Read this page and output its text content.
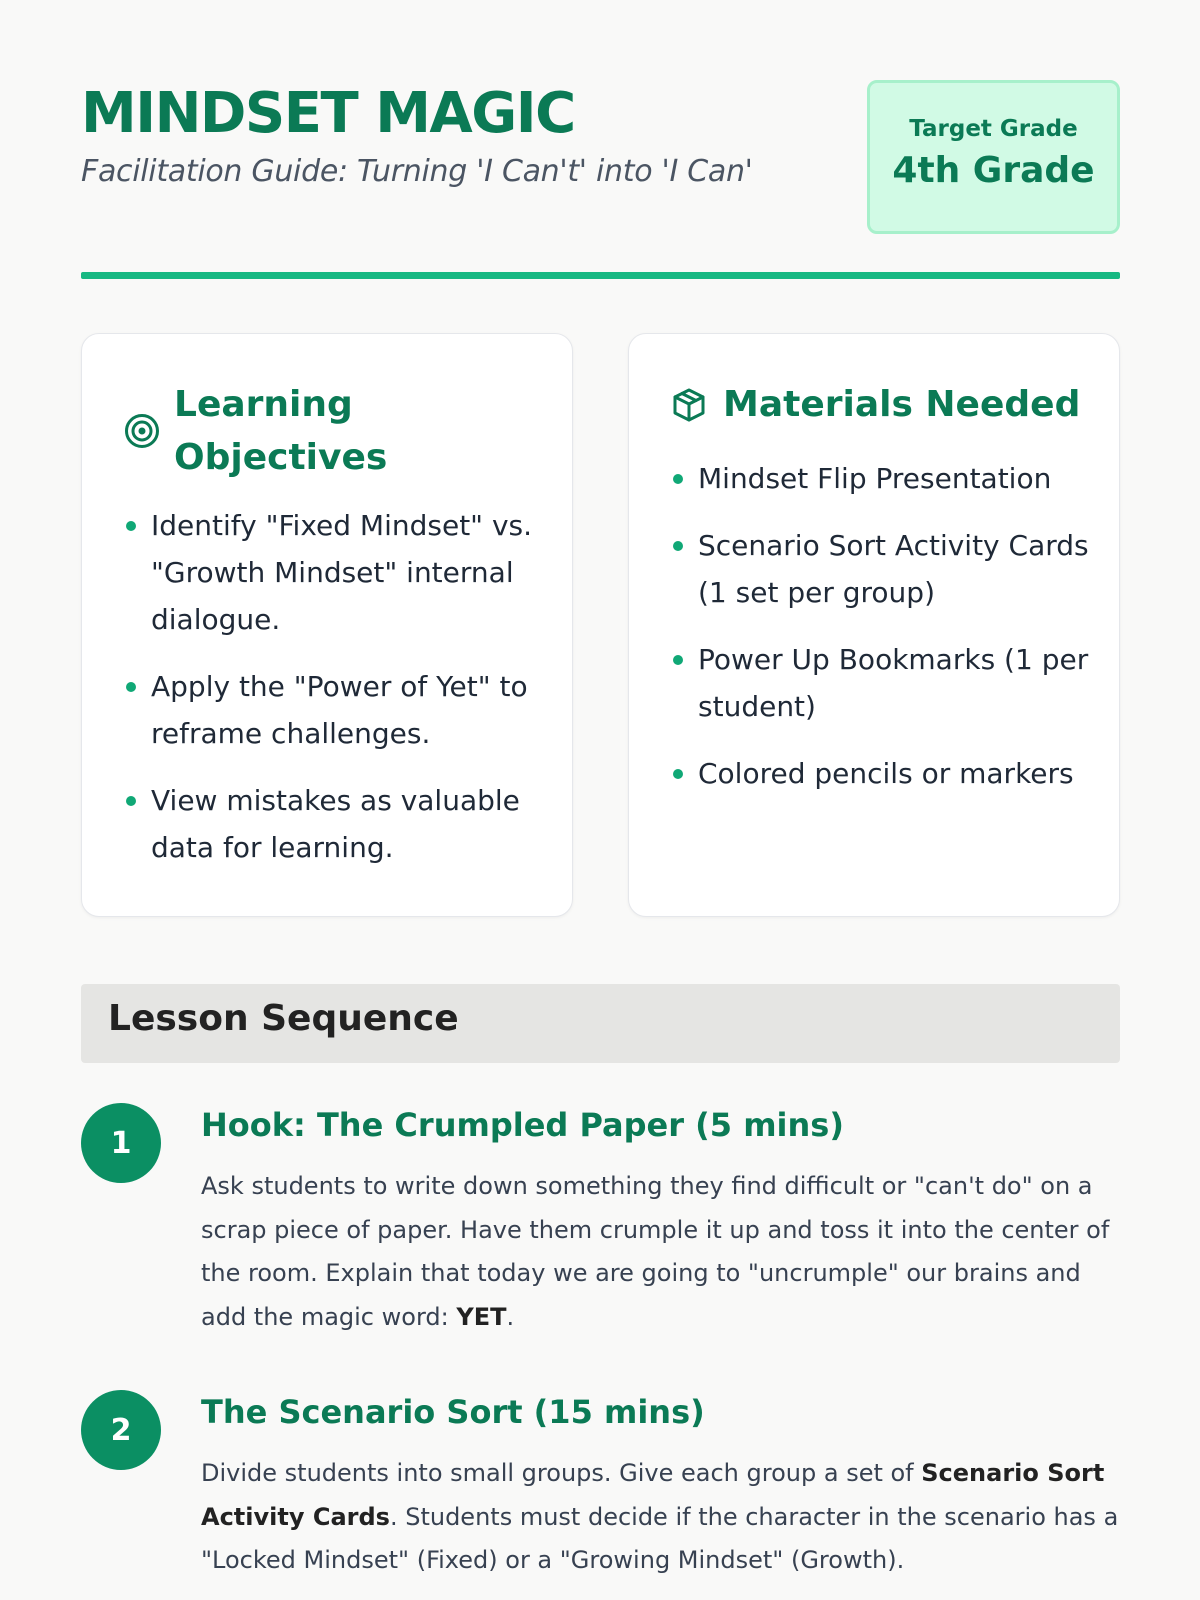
MINDSET MAGIC
Facilitation Guide: Turning 'I Can't' into 'I Can'
Target Grade
4th Grade
Learning Objectives
Identify "Fixed Mindset" vs. "Growth Mindset" internal dialogue.
Apply the "Power of Yet" to reframe challenges.
View mistakes as valuable data for learning.
Materials Needed
Mindset Flip Presentation
Scenario Sort Activity Cards (1 set per group)
Power Up Bookmarks (1 per student)
Colored pencils or markers
Lesson Sequence
1	Hook: The Crumpled Paper (5 mins)
Ask students to write down something they find difficult or "can't do" on a scrap piece of paper. Have them crumple it up and toss it into the center of the room. Explain that today we are going to "uncrumple" our brains and add the magic word: YET.
2	The Scenario Sort (15 mins)
Divide students into small groups. Give each group a set of Scenario Sort Activity Cards. Students must decide if the character in the scenario has a "Locked Mindset" (Fixed) or a "Growing Mindset" (Growth).
